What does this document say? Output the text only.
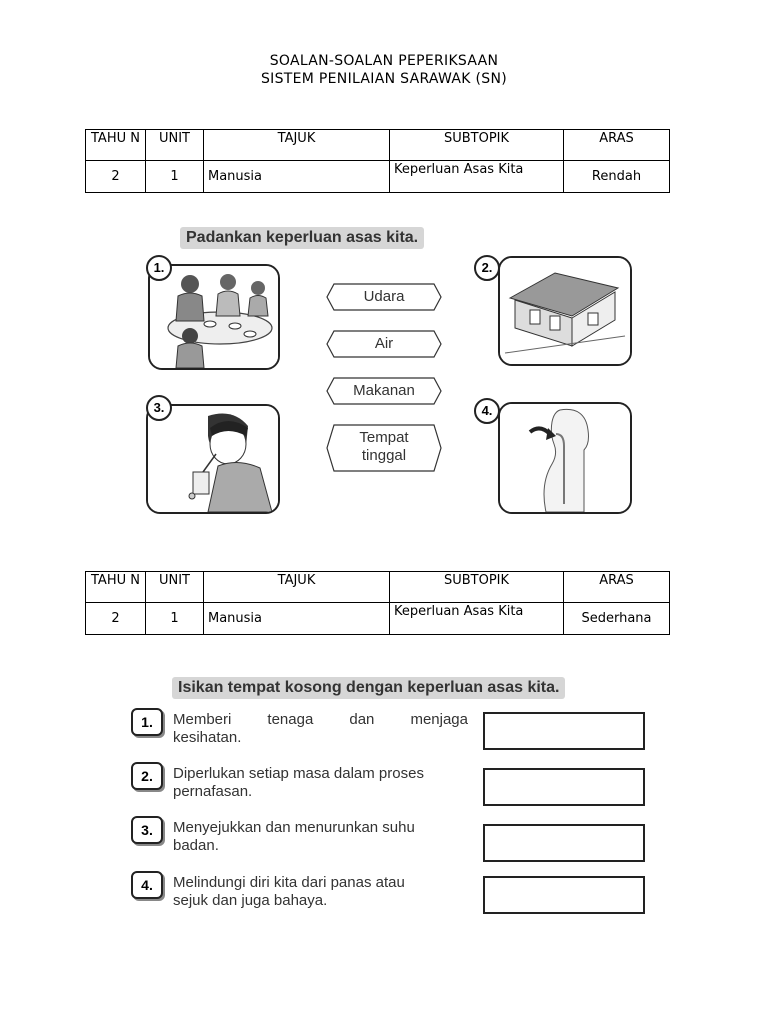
SOALAN-SOALAN PEPERIKSAAN
SISTEM PENILAIAN SARAWAK (SN)
TAHU N	UNIT	TAJUK	SUBTOPIK	ARAS
2	1	Manusia	Keperluan Asas Kita	Rendah
Padankan keperluan asas kita.
1.	2.
3.	4.
Udara
Air
Makanan
Tempat
tinggal
TAHU N	UNIT	TAJUK	SUBTOPIK	ARAS
2	1	Manusia	Keperluan Asas Kita	Sederhana
Isikan tempat kosong dengan keperluan asas kita.
1.	Memberi tenaga dan menjaga
kesihatan.
2.	Diperlukan setiap masa dalam proses
pernafasan.
3.	Menyejukkan dan menurunkan suhu
badan.
4.	Melindungi diri kita dari panas atau
sejuk dan juga bahaya.
